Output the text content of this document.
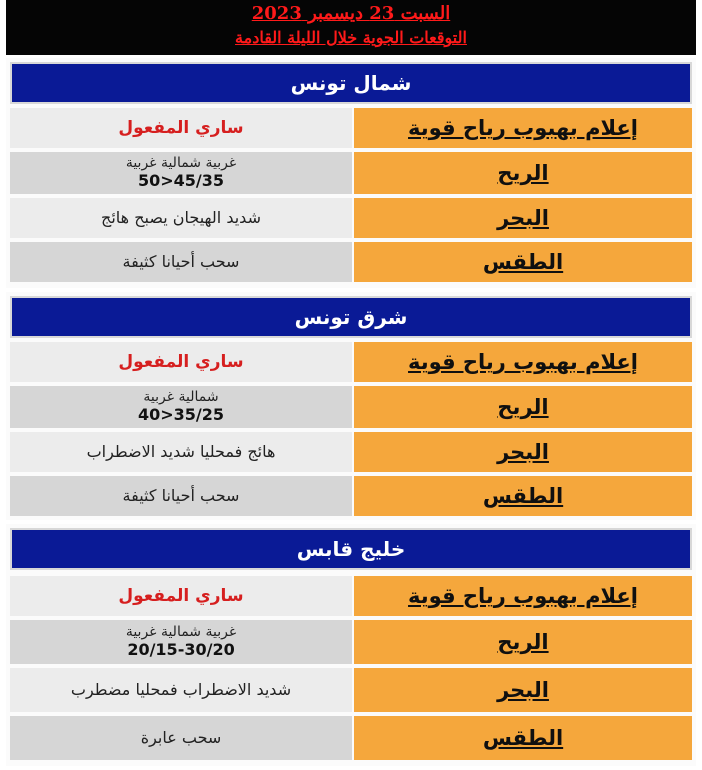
السبت 23 ديسمبر 2023
التوقعات الجوية خلال الليلة القادمة
شمال تونس
ساري المفعول	إعلام بهبوب رياح قوية
غربية شمالية غربية
50>45/35	الريح
شديد الهيجان يصبح هائج	البحر
سحب أحيانا كثيفة	الطقس
شرق تونس
ساري المفعول	إعلام بهبوب رياح قوية
شمالية غربية
40>35/25	الريح
هائج فمحليا شديد الاضطراب	البحر
سحب أحيانا كثيفة	الطقس
خليج قابس
ساري المفعول	إعلام بهبوب رياح قوية
غربية شمالية غربية
20/15-30/20	الريح
شديد الاضطراب فمحليا مضطرب	البحر
سحب عابرة	الطقس
